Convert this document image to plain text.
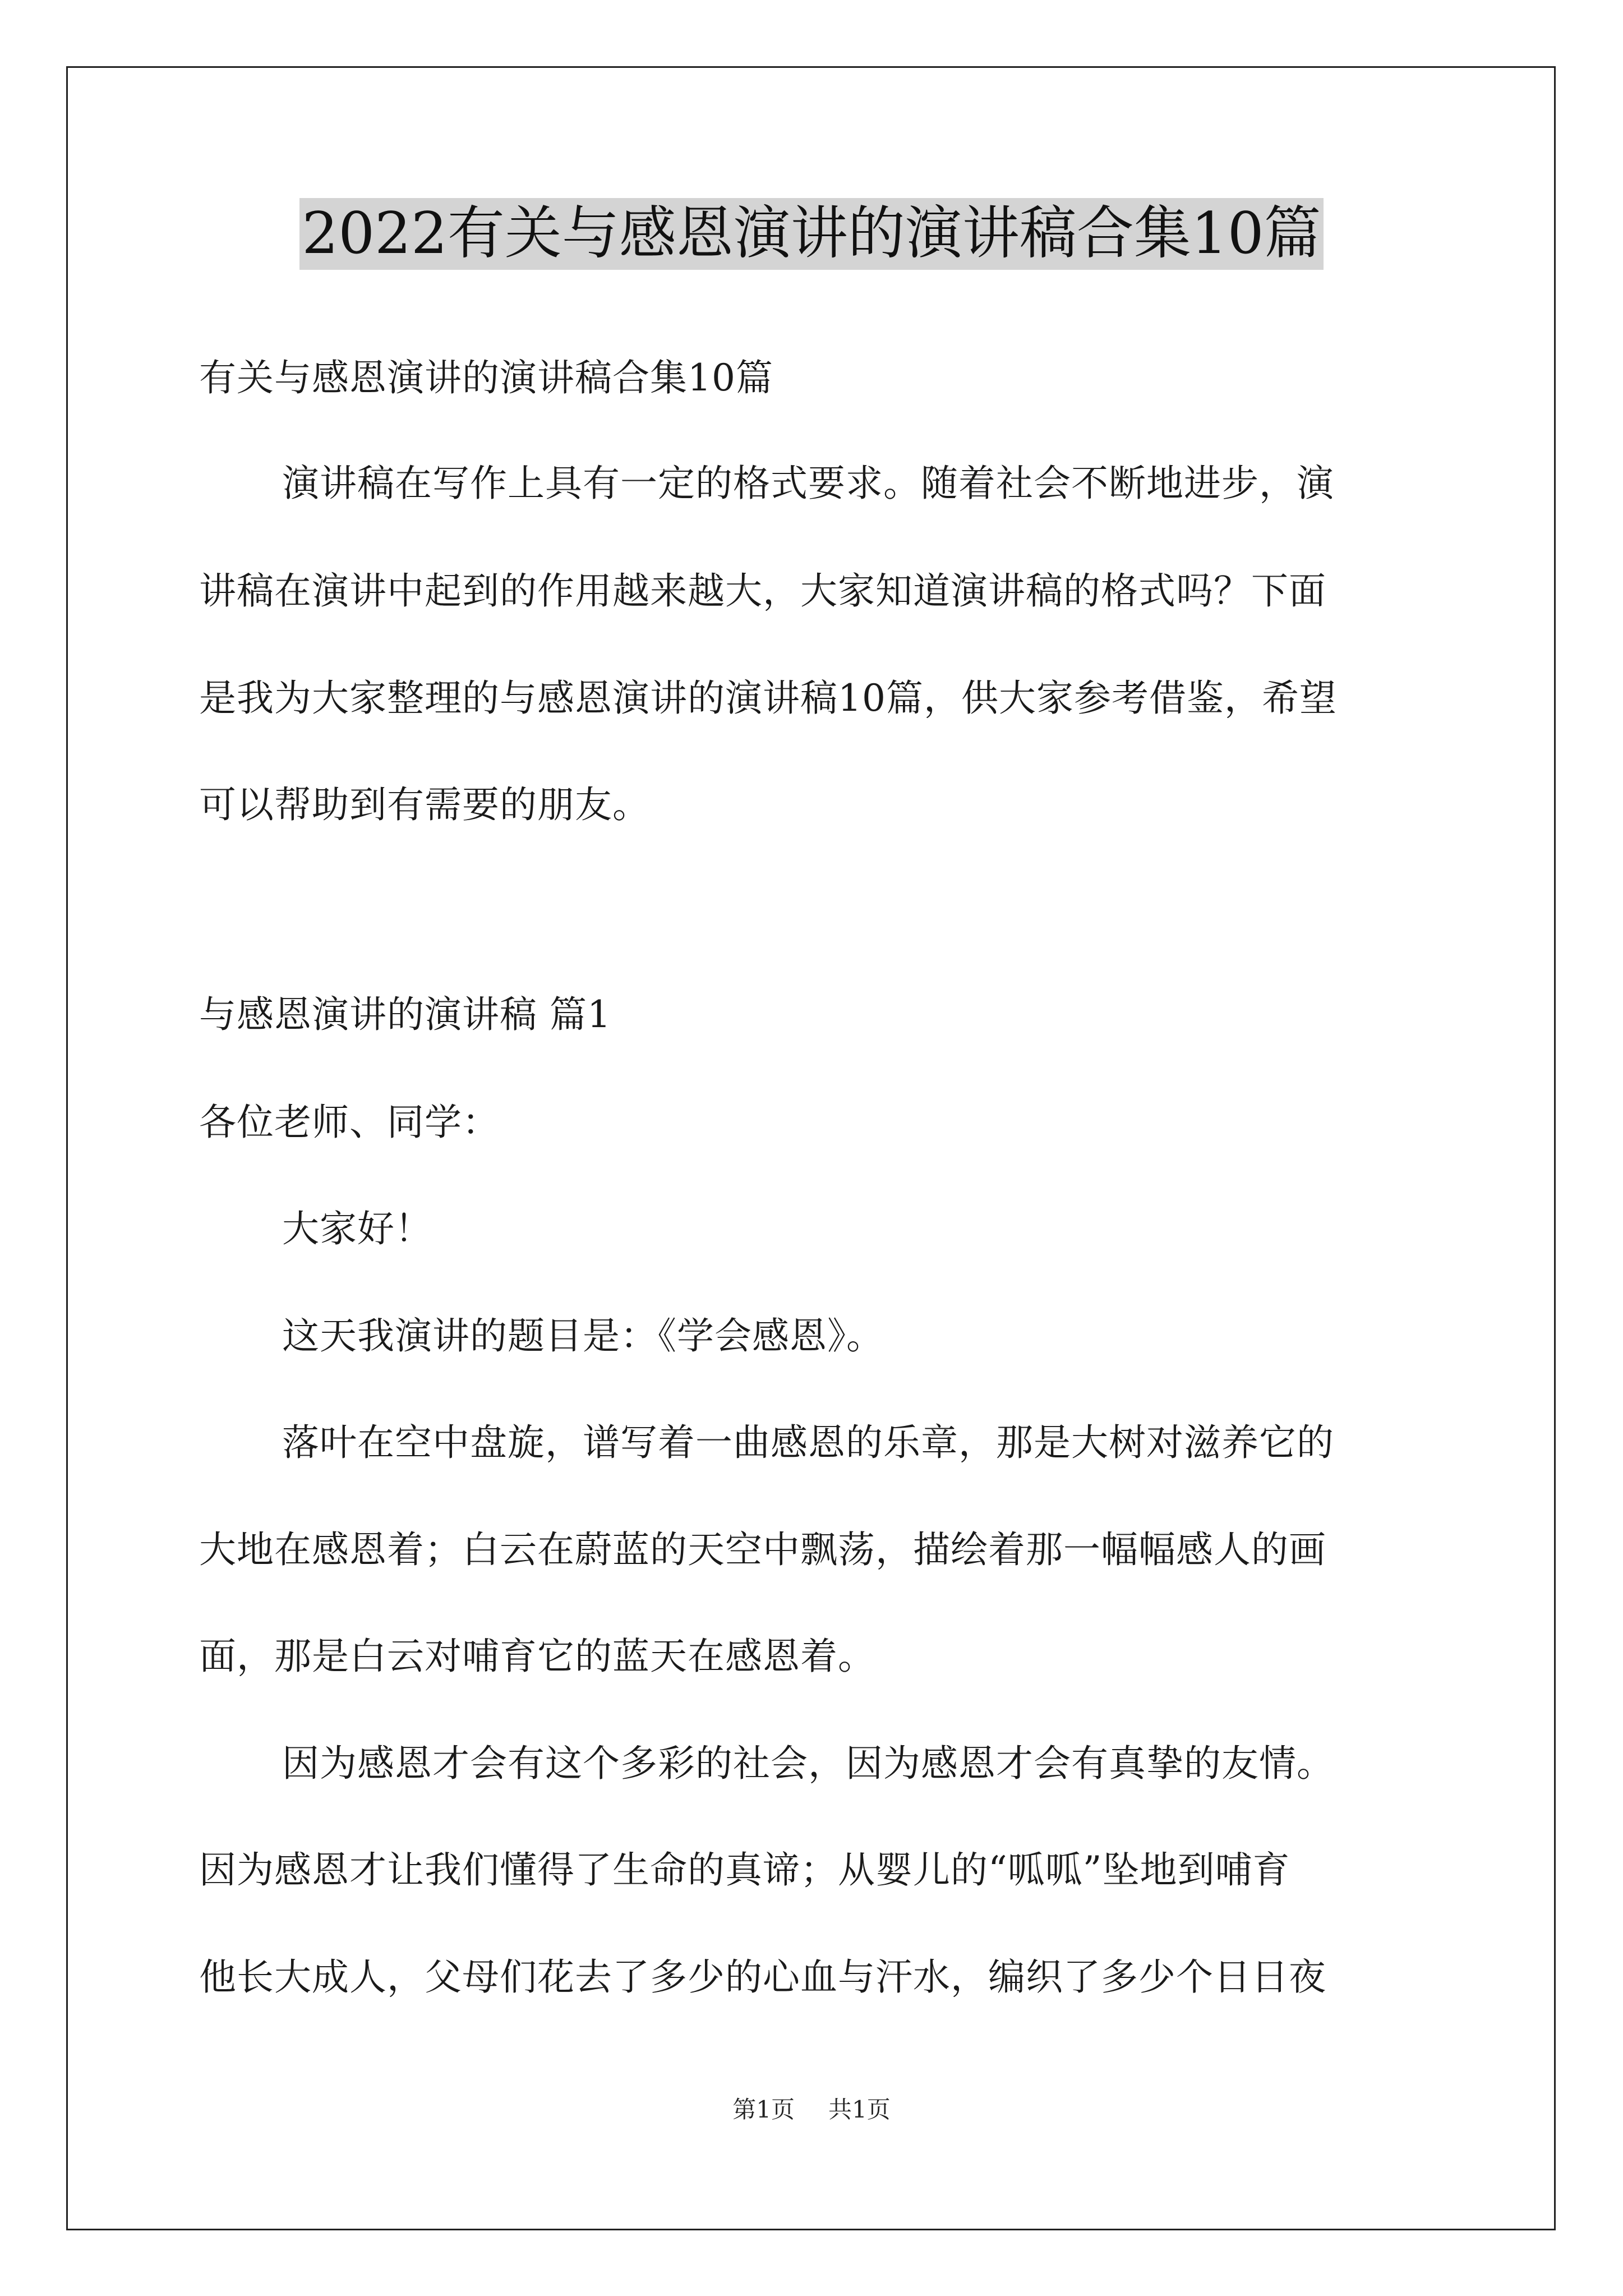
2022有关与感恩演讲的演讲稿合集10篇

有关与感恩演讲的演讲稿合集10篇

演讲稿在写作上具有一定的格式要求。随着社会不断地进步，演

讲稿在演讲中起到的作用越来越大，大家知道演讲稿的格式吗？下面

是我为大家整理的与感恩演讲的演讲稿10篇，供大家参考借鉴，希望

可以帮助到有需要的朋友。

与感恩演讲的演讲稿 篇1

各位老师、同学：

大家好！

这天我演讲的题目是：《学会感恩》。

落叶在空中盘旋，谱写着一曲感恩的乐章，那是大树对滋养它的

大地在感恩着；白云在蔚蓝的天空中飘荡，描绘着那一幅幅感人的画

面，那是白云对哺育它的蓝天在感恩着。

因为感恩才会有这个多彩的社会，因为感恩才会有真挚的友情。

因为感恩才让我们懂得了生命的真谛；从婴儿的“呱呱”坠地到哺育

他长大成人，父母们花去了多少的心血与汗水，编织了多少个日日夜

第1页 共1页
